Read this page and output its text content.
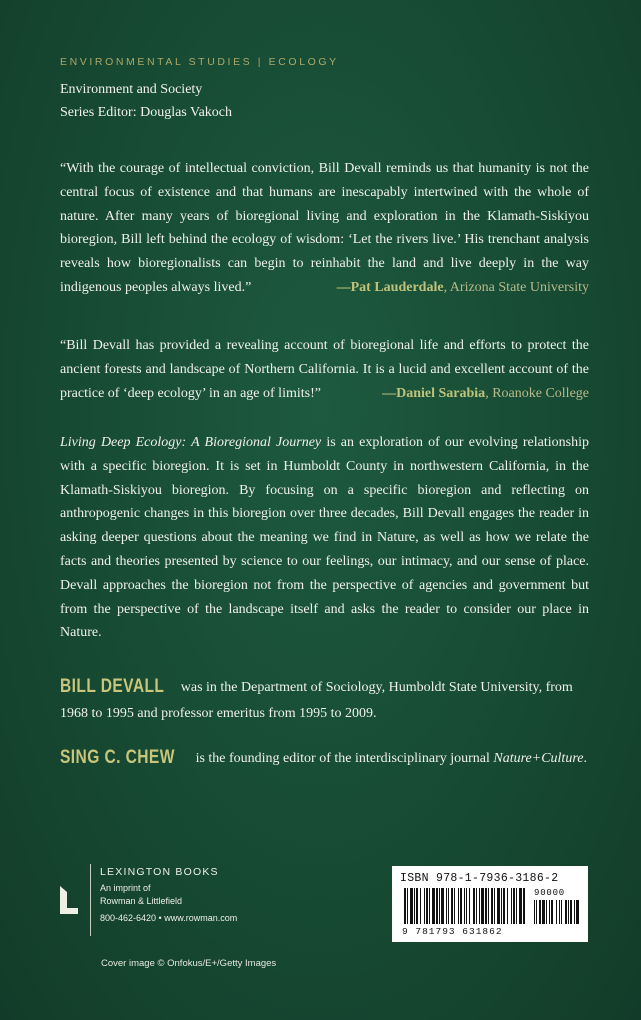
ENVIRONMENTAL STUDIES | ECOLOGY

Environment and Society

Series Editor: Douglas Vakoch

“With the courage of intellectual conviction, Bill Devall reminds us that humanity is not the central focus of existence and that humans are inescapably intertwined with the whole of nature. After many years of bioregional living and exploration in the Klamath-Siskiyou bioregion, Bill left behind the ecology of wisdom: ‘Let the rivers live.’ His trenchant analysis reveals how bioregionalists can begin to reinhabit the land and live deeply in the way indigenous peoples always lived.”	—Pat Lauderdale, Arizona State University

“Bill Devall has provided a revealing account of bioregional life and efforts to protect the ancient forests and landscape of Northern California. It is a lucid and excellent account of the practice of ‘deep ecology’ in an age of limits!”	—Daniel Sarabia, Roanoke College

Living Deep Ecology: A Bioregional Journey is an exploration of our evolving relationship with a specific bioregion. It is set in Humboldt County in northwestern California, in the Klamath-Siskiyou bioregion. By focusing on a specific bioregion and reflecting on anthropogenic changes in this bioregion over three decades, Bill Devall engages the reader in asking deeper questions about the meaning we find in Nature, as well as how we relate the facts and theories presented by science to our feelings, our intimacy, and our sense of place. Devall approaches the bioregion not from the perspective of agencies and government but from the perspective of the landscape itself and asks the reader to consider our place in Nature.

BILL DEVALL was in the Department of Sociology, Humboldt State University, from 1968 to 1995 and professor emeritus from 1995 to 2009.
SING C. CHEW is the founding editor of the interdisciplinary journal Nature+Culture.

LEXINGTON BOOKS

An imprint of

Rowman & Littlefield

800-462-6420 • www.rowman.com

ISBN 978-1-7936-3186-2
9 781793 631862
90000
Cover image © Onfokus/E+/Getty Images
